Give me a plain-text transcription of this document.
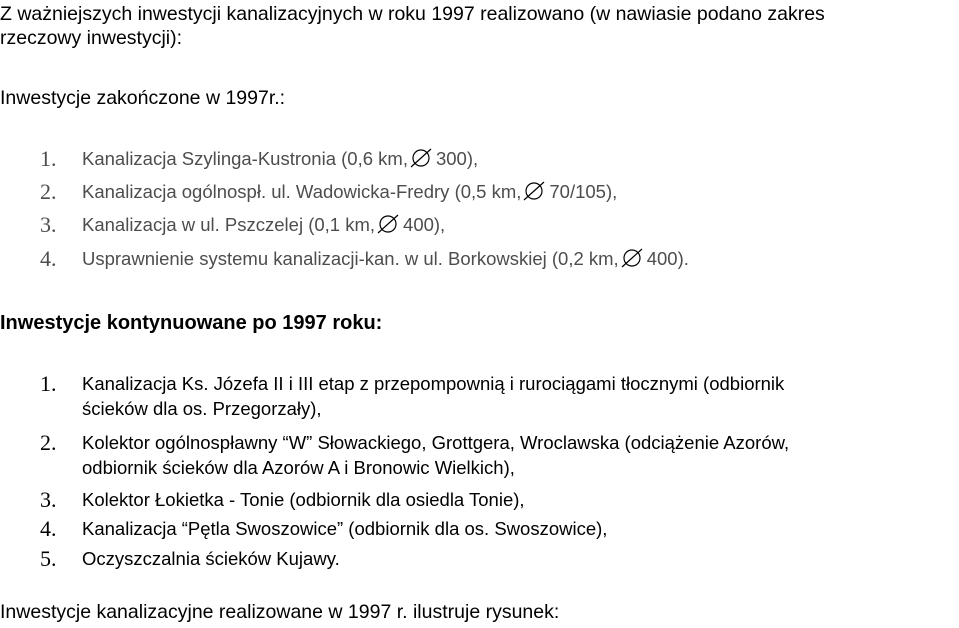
Z ważniejszych inwestycji kanalizacyjnych w roku 1997 realizowano (w nawiasie podano zakres
rzeczowy inwestycji):
Inwestycje zakończone w 1997r.:
1.	Kanalizacja Szylinga-Kustronia (0,6 km, 300),
2.	Kanalizacja ogólnospł. ul. Wadowicka-Fredry (0,5 km, 70/105),
3.	Kanalizacja w ul. Pszczelej (0,1 km, 400),
4.	Usprawnienie systemu kanalizacji-kan. w ul. Borkowskiej (0,2 km, 400).
Inwestycje kontynuowane po 1997 roku:
1.	Kanalizacja Ks. Józefa II i III etap z przepompownią i rurociągami tłocznymi (odbiornik
ścieków dla os. Przegorzały),
2.	Kolektor ogólnospławny “W” Słowackiego, Grottgera, Wroclawska (odciążenie Azorów,
odbiornik ścieków dla Azorów A i Bronowic Wielkich),
3.	Kolektor Łokietka - Tonie (odbiornik dla osiedla Tonie),
4.	Kanalizacja “Pętla Swoszowice” (odbiornik dla os. Swoszowice),
5.	Oczyszczalnia ścieków Kujawy.
Inwestycje kanalizacyjne realizowane w 1997 r. ilustruje rysunek:
